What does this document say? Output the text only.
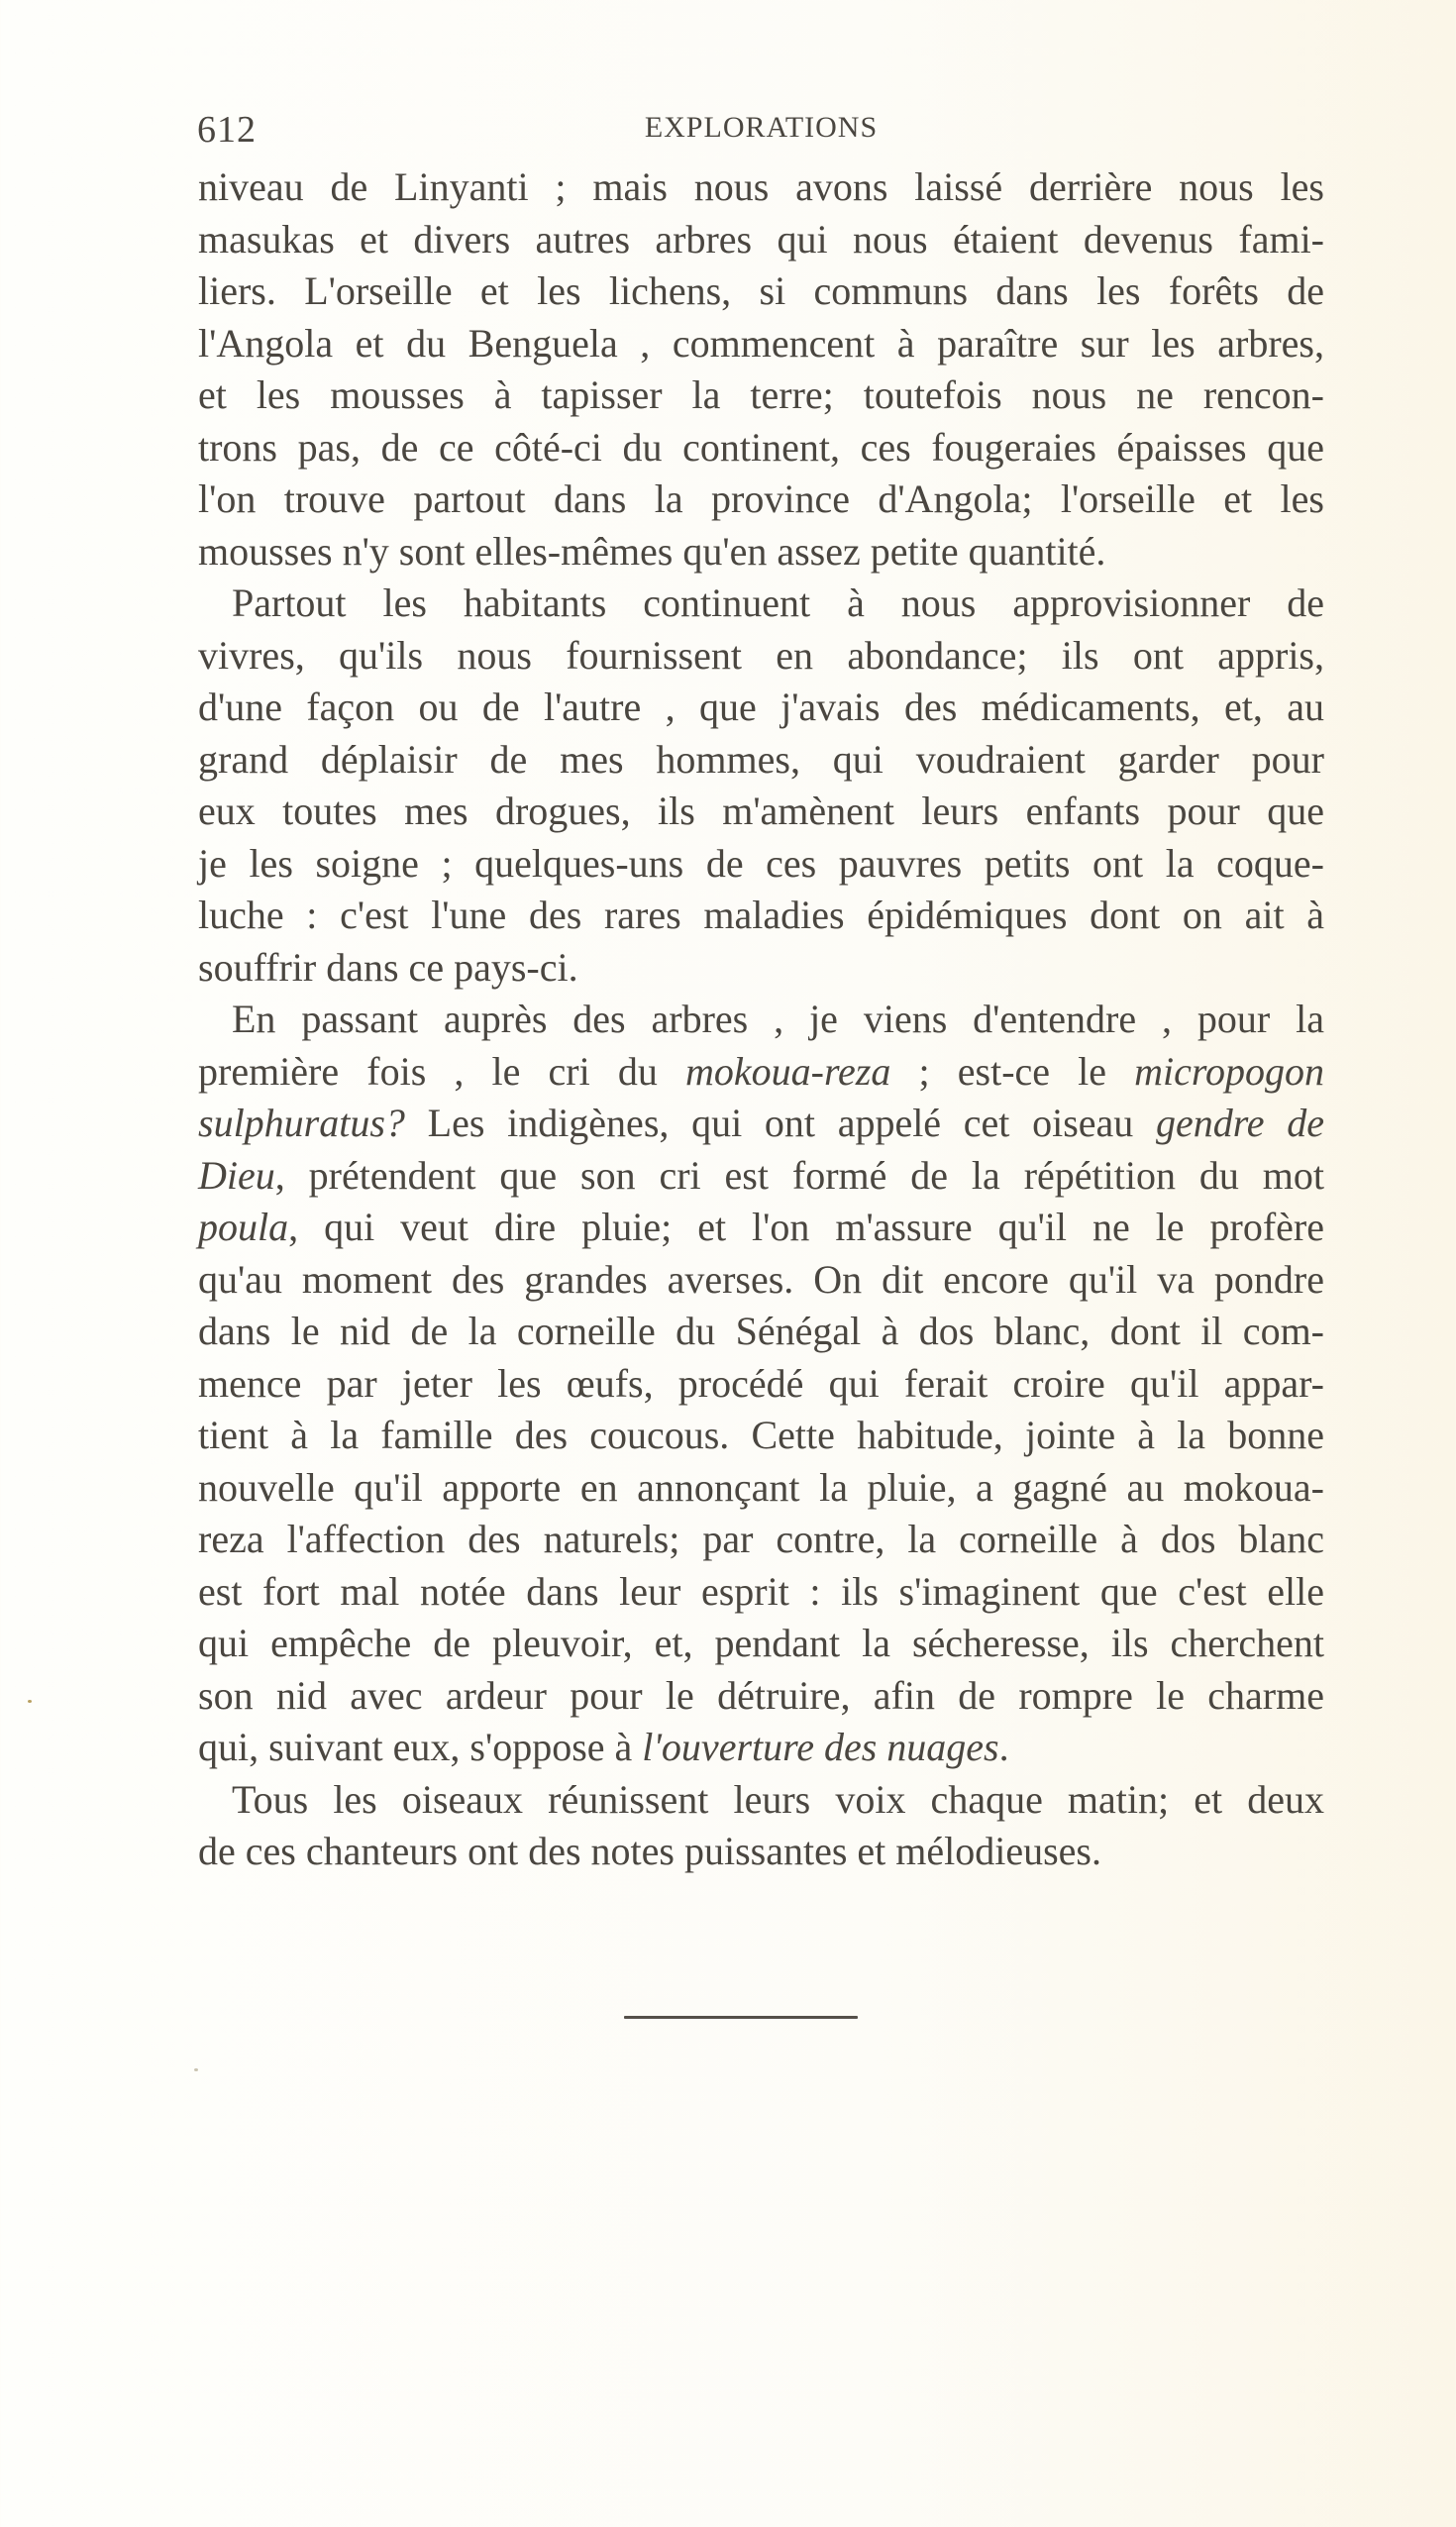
612	EXPLORATIONS
niveau de Linyanti ; mais nous avons laissé derrière nous les
masukas et divers autres arbres qui nous étaient devenus fami-
liers. L'orseille et les lichens, si communs dans les forêts de
l'Angola et du Benguela , commencent à paraître sur les arbres,
et les mousses à tapisser la terre; toutefois nous ne rencon-
trons pas, de ce côté-ci du continent, ces fougeraies épaisses que
l'on trouve partout dans la province d'Angola; l'orseille et les
mousses n'y sont elles-mêmes qu'en assez petite quantité.
Partout les habitants continuent à nous approvisionner de
vivres, qu'ils nous fournissent en abondance; ils ont appris,
d'une façon ou de l'autre , que j'avais des médicaments, et, au
grand déplaisir de mes hommes, qui voudraient garder pour
eux toutes mes drogues, ils m'amènent leurs enfants pour que
je les soigne ; quelques-uns de ces pauvres petits ont la coque-
luche : c'est l'une des rares maladies épidémiques dont on ait à
souffrir dans ce pays-ci.
En passant auprès des arbres , je viens d'entendre , pour la
première fois , le cri du mokoua-reza ; est-ce le micropogon
sulphuratus? Les indigènes, qui ont appelé cet oiseau gendre de
Dieu, prétendent que son cri est formé de la répétition du mot
poula, qui veut dire pluie; et l'on m'assure qu'il ne le profère
qu'au moment des grandes averses. On dit encore qu'il va pondre
dans le nid de la corneille du Sénégal à dos blanc, dont il com-
mence par jeter les œufs, procédé qui ferait croire qu'il appar-
tient à la famille des coucous. Cette habitude, jointe à la bonne
nouvelle qu'il apporte en annonçant la pluie, a gagné au mokoua-
reza l'affection des naturels; par contre, la corneille à dos blanc
est fort mal notée dans leur esprit : ils s'imaginent que c'est elle
qui empêche de pleuvoir, et, pendant la sécheresse, ils cherchent
son nid avec ardeur pour le détruire, afin de rompre le charme
qui, suivant eux, s'oppose à l'ouverture des nuages.
Tous les oiseaux réunissent leurs voix chaque matin; et deux
de ces chanteurs ont des notes puissantes et mélodieuses.
